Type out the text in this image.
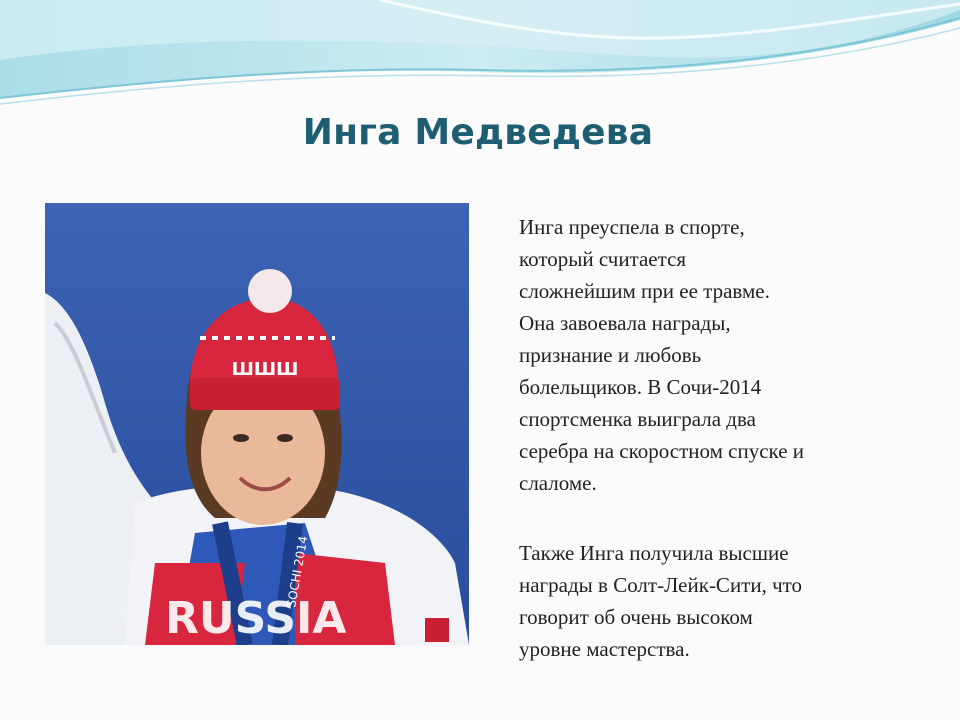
Инга Медведева
ШШШ
RUSSIA
SOCHI 2014

Инга преуспела в спорте,
который считается
сложнейшим при ее травме.
Она завоевала награды,
признание и любовь
болельщиков. В Сочи-2014
спортсменка выиграла два
серебра на скоростном спуске и
слаломе.

Также Инга получила высшие
награды в Солт-Лейк-Сити, что
говорит об очень высоком
уровне мастерства.
